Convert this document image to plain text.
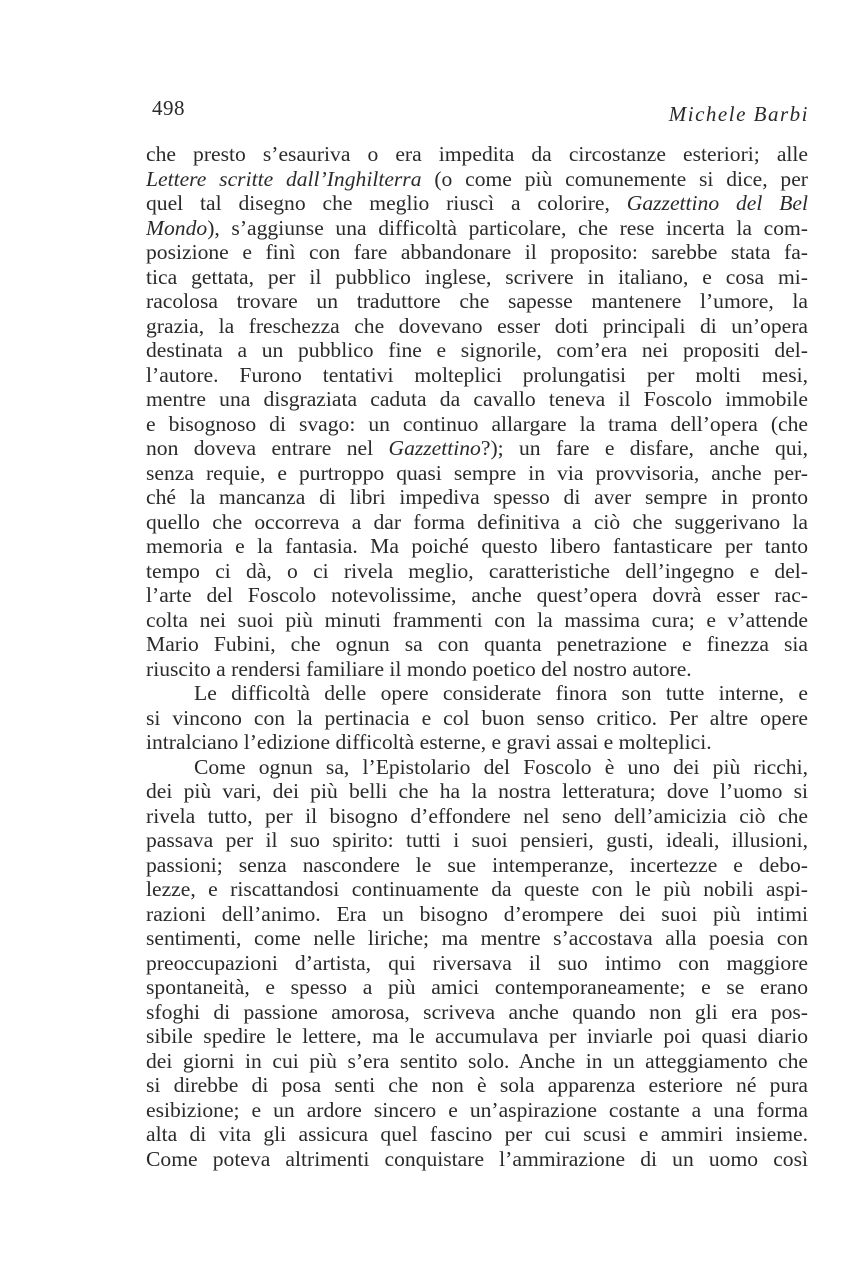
498	Michele Barbi
che presto s’esauriva o era impedita da circostanze esteriori; alle
Lettere scritte dall’Inghilterra (o come più comunemente si dice, per
quel tal disegno che meglio riuscì a colorire, Gazzettino del Bel
Mondo), s’aggiunse una difficoltà particolare, che rese incerta la com-
posizione e finì con fare abbandonare il proposito: sarebbe stata fa-
tica gettata, per il pubblico inglese, scrivere in italiano, e cosa mi-
racolosa trovare un traduttore che sapesse mantenere l’umore, la
grazia, la freschezza che dovevano esser doti principali di un’opera
destinata a un pubblico fine e signorile, com’era nei propositi del-
l’autore. Furono tentativi molteplici prolungatisi per molti mesi,
mentre una disgraziata caduta da cavallo teneva il Foscolo immobile
e bisognoso di svago: un continuo allargare la trama dell’opera (che
non doveva entrare nel Gazzettino?); un fare e disfare, anche qui,
senza requie, e purtroppo quasi sempre in via provvisoria, anche per-
ché la mancanza di libri impediva spesso di aver sempre in pronto
quello che occorreva a dar forma definitiva a ciò che suggerivano la
memoria e la fantasia. Ma poiché questo libero fantasticare per tanto
tempo ci dà, o ci rivela meglio, caratteristiche dell’ingegno e del-
l’arte del Foscolo notevolissime, anche quest’opera dovrà esser rac-
colta nei suoi più minuti frammenti con la massima cura; e v’attende
Mario Fubini, che ognun sa con quanta penetrazione e finezza sia
riuscito a rendersi familiare il mondo poetico del nostro autore.
Le difficoltà delle opere considerate finora son tutte interne, e
si vincono con la pertinacia e col buon senso critico. Per altre opere
intralciano l’edizione difficoltà esterne, e gravi assai e molteplici.
Come ognun sa, l’Epistolario del Foscolo è uno dei più ricchi,
dei più vari, dei più belli che ha la nostra letteratura; dove l’uomo si
rivela tutto, per il bisogno d’effondere nel seno dell’amicizia ciò che
passava per il suo spirito: tutti i suoi pensieri, gusti, ideali, illusioni,
passioni; senza nascondere le sue intemperanze, incertezze e debo-
lezze, e riscattandosi continuamente da queste con le più nobili aspi-
razioni dell’animo. Era un bisogno d’erompere dei suoi più intimi
sentimenti, come nelle liriche; ma mentre s’accostava alla poesia con
preoccupazioni d’artista, qui riversava il suo intimo con maggiore
spontaneità, e spesso a più amici contemporaneamente; e se erano
sfoghi di passione amorosa, scriveva anche quando non gli era pos-
sibile spedire le lettere, ma le accumulava per inviarle poi quasi diario
dei giorni in cui più s’era sentito solo. Anche in un atteggiamento che
si direbbe di posa senti che non è sola apparenza esteriore né pura
esibizione; e un ardore sincero e un’aspirazione costante a una forma
alta di vita gli assicura quel fascino per cui scusi e ammiri insieme.
Come poteva altrimenti conquistare l’ammirazione di un uomo così
